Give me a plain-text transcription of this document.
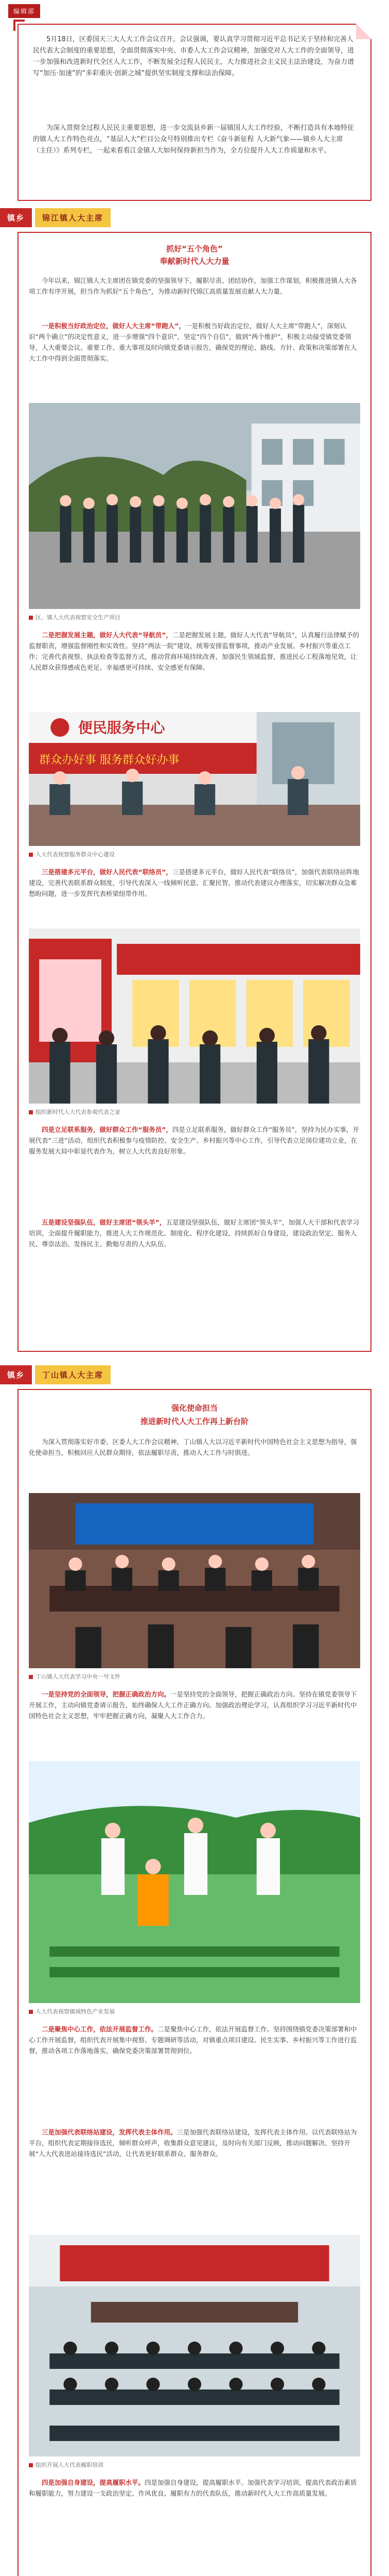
编辑部

5月18日，区委国天三大人大工作会议召开。会议强调，要认真学习贯彻习近平总书记关于坚持和完善人民代表大会制度的重要思想，全面贯彻落实中央、市委人大工作会议精神，加强党对人大工作的全面领导，进一步加强和改进新时代全区人大工作，不断发展全过程人民民主，大力推进社会主义民主法治建设，为奋力谱写“加压·加速”的“多彩重庆·创新之城”提供坚实制度支撑和法治保障。

为深入贯彻全过程人民民主重要思想，进一步交流县乡新一届镇国人大工作经验，不断打造具有本地特征的镇人大工作特色亮点，“基层人大”栏目公众号特别推出专栏《奋斗新征程 人大新气象——镇乡人大主席（主任）》系列专栏，一起来看看江金镇人大如何保持新担当作为，全方位提升人大工作质量和水平。

镇乡	锦江镇人大主席
抓好“五个角色”
奉献新时代人大力量

今年以来，锦江镇人大主席团在镇党委的坚强领导下，履职尽责、团结协作，加强工作谋划，积极推进镇人大各项工作有序开展，担当作为抓好“五个角色”，为推动新时代锦江高质量发展贡献人大力量。

一是积极当好政治定位，做好人大主席“带跑人”，一是积极当好政治定位，做好人大主席“带跑人”，深刻认识“两个确立”的决定性意义，进一步增强“四个意识”，坚定“四个自信”，做到“两个维护”，积极主动接受镇党委领导，人大重要会议、重要工作、重大事项及时向镇党委请示报告，确保党的理论、路线、方针、政策和决策部署在人大工作中得到全面贯彻落实。

区、镇人大代表视察安全生产项目

二是把握发展主题，做好人大代表“导航员”，二是把握发展主题，做好人大代表“导航员”，认真履行法律赋予的监督职责，增强监督刚性和实效性。坚持“两法一院”建设，统筹安排监督事项，推动产业发展、乡村振兴等重点工作；完善代表视察、执法检查等监督方式，推动营商环境持续改善，加强民生领域监督，推进民心工程落地见效，让人民群众获得感成色更足、幸福感更可持续、安全感更有保障。

便民服务中心
群众办好事 服务群众好办事
人大代表视察服务群众中心建设

三是搭建多元平台，做好人民代表“联络员”，三是搭建多元平台，做好人民代表“联络员”，加强代表联络站阵地建设，完善代表联系群众制度，引导代表深入一线倾听民意、汇聚民智，推动代表建议办理落实，切实解决群众急难愁盼问题，进一步发挥代表桥梁纽带作用。

组织新时代人大代表参观代表之家

四是立足联系服务，做好群众工作“服务员”，四是立足联系服务，做好群众工作“服务员”，坚持为民办实事，开展代表“三进”活动，组织代表积极参与疫情防控、安全生产、乡村振兴等中心工作，引导代表立足岗位建功立业，在服务发展大局中彰显代表作为，树立人大代表良好形象。

五是建设坚强队伍，做好主席团“领头羊”，五是建设坚强队伍，做好主席团“领头羊”，加强人大干部和代表学习培训，全面提升履职能力，推进人大工作规范化、制度化、程序化建设，持续抓好自身建设，建设政治坚定、服务人民、尊崇法治、发扬民主、勤勉尽责的人大队伍。

镇乡	丁山镇人大主席
强化使命担当
推进新时代人大工作再上新台阶

为深入贯彻落实好市委、区委人大工作会议精神，丁山镇人大以习近平新时代中国特色社会主义思想为指导，强化使命担当，积极回应人民群众期待，依法履职尽责，推动人大工作与时俱进。

丁山镇人大代表学习中央一号文件

一是坚持党的全面领导，把握正确政治方向。一是坚持党的全面领导，把握正确政治方向。坚持在镇党委领导下开展工作，主动向镇党委请示报告，始终确保人大工作正确方向。加强政治理论学习，认真组织学习习近平新时代中国特色社会主义思想，牢牢把握正确方向，凝聚人大工作合力。

人大代表视察镇域特色产业发展

二是聚焦中心工作，依法开展监督工作。二是聚焦中心工作，依法开展监督工作。坚持围绕镇党委决策部署和中心工作开展监督，组织代表开展集中视察、专题调研等活动，对镇重点项目建设、民生实事、乡村振兴等工作进行监督，推动各项工作落地落实，确保党委决策部署贯彻到位。

三是加强代表联络站建设，发挥代表主体作用。三是加强代表联络站建设，发挥代表主体作用。以代表联络站为平台，组织代表定期接待选民，倾听群众呼声，收集群众意见建议，及时向有关部门反映，推动问题解决。坚持开展“人大代表进站接待选民”活动，让代表更好联系群众、服务群众。

组织开展人大代表履职培训

四是加强自身建设，提高履职水平。四是加强自身建设，提高履职水平。加强代表学习培训，提高代表政治素质和履职能力，努力建设一支政治坚定、作风优良、履职有力的代表队伍，推动新时代人大工作高质量发展。
